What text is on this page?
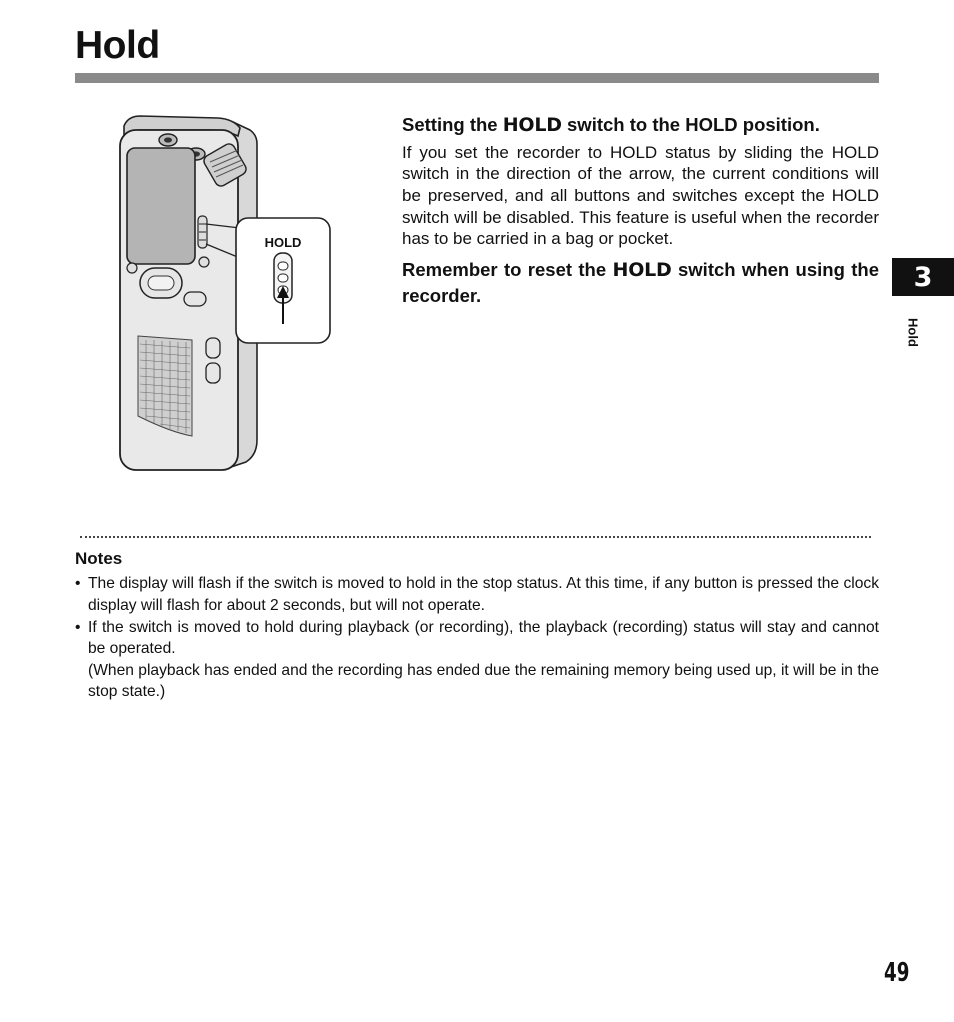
Hold
HOLD

Setting the HOLD switch to the HOLD position.

If you set the recorder to HOLD status by sliding the HOLD switch in the direction of the arrow, the current conditions will be preserved, and all buttons and switches except the HOLD switch will be disabled. This feature is useful when the recorder has to be carried in a bag or pocket.

Remember to reset the HOLD switch when using the recorder.

Notes
• The display will flash if the switch is moved to hold in the stop status. At this time, if any button is pressed the clock display will flash for about 2 seconds, but will not operate.
• If the switch is moved to hold during playback (or recording), the playback (recording) status will stay and cannot be operated.
(When playback has ended and the recording has ended due the remaining memory being used up, it will be in the stop state.)
3
Hold
49
